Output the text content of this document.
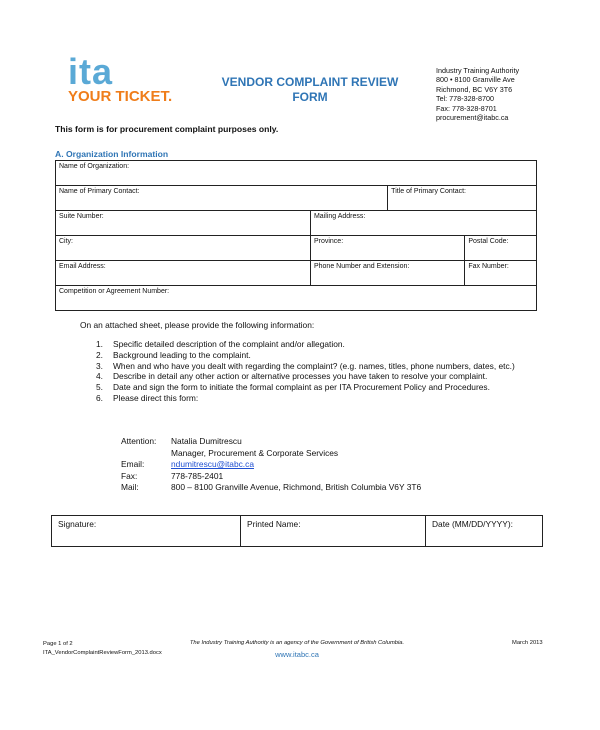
ita
YOUR TICKET.
VENDOR COMPLAINT REVIEW
FORM
Industry Training Authority
800 • 8100 Granville Ave
Richmond, BC V6Y 3T6
Tel: 778-328-8700
Fax: 778-328-8701
procurement@itabc.ca
This form is for procurement complaint purposes only.
A. Organization Information
Name of Organization:			
Name of Primary Contact:		Title of Primary Contact:	
Suite Number:	Mailing Address:		
City:	Province:		Postal Code:
Email Address:	Phone Number and Extension:		Fax Number:
Competition or Agreement Number:			
On an attached sheet, please provide the following information:
1. Specific detailed description of the complaint and/or allegation.
2. Background leading to the complaint.
3. When and who have you dealt with regarding the complaint? (e.g. names, titles, phone numbers, dates, etc.)
4. Describe in detail any other action or alternative processes you have taken to resolve your complaint.
5. Date and sign the form to initiate the formal complaint as per ITA Procurement Policy and Procedures.
6. Please direct this form:
Attention:	Natalia Dumitrescu
Manager, Procurement & Corporate Services
Email:	ndumitrescu@itabc.ca
Fax:	778-785-2401
Mail:	800 – 8100 Granville Avenue, Richmond, British Columbia V6Y 3T6
Signature:	Printed Name:	Date (MM/DD/YYYY):
Page 1 of 2
ITA_VendorComplaintReviewForm_2013.docx
The Industry Training Authority is an agency of the Government of British Columbia.
www.itabc.ca
March 2013
